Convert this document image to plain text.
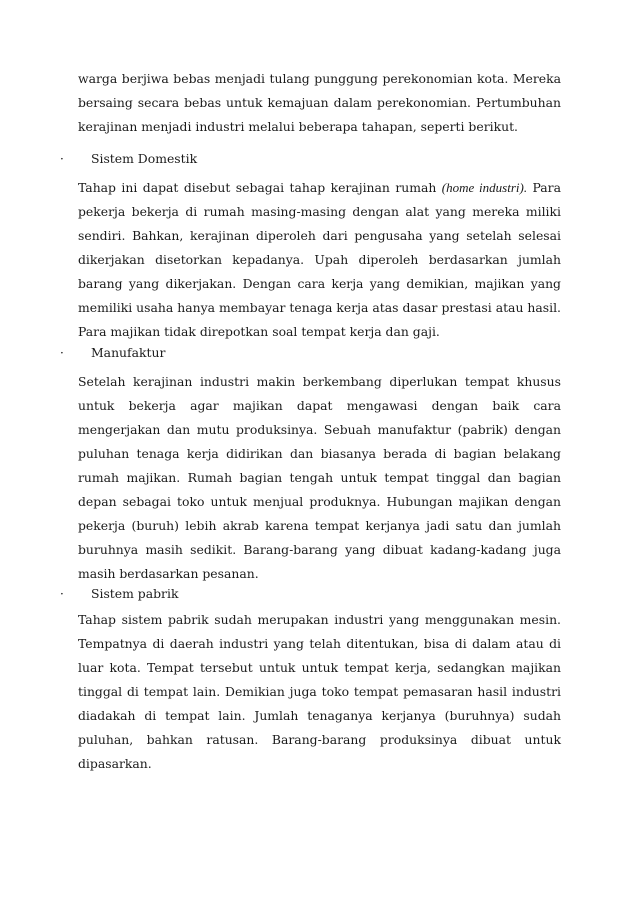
warga berjiwa bebas menjadi tulang punggung perekonomian kota. Mereka bersaing secara bebas untuk kemajuan dalam perekonomian. Pertumbuhan kerajinan menjadi industri melalui beberapa tahapan, seperti berikut.

· Sistem Domestik

Tahap ini dapat disebut sebagai tahap kerajinan rumah (home industri). Para pekerja bekerja di rumah masing-masing dengan alat yang mereka miliki sendiri. Bahkan, kerajinan diperoleh dari pengusaha yang setelah selesai dikerjakan disetorkan kepadanya. Upah diperoleh berdasarkan jumlah barang yang dikerjakan. Dengan cara kerja yang demikian, majikan yang memiliki usaha hanya membayar tenaga kerja atas dasar prestasi atau hasil. Para majikan tidak direpotkan soal tempat kerja dan gaji.

· Manufaktur

Setelah kerajinan industri makin berkembang diperlukan tempat khusus untuk bekerja agar majikan dapat mengawasi dengan baik cara mengerjakan dan mutu produksinya. Sebuah manufaktur (pabrik) dengan puluhan tenaga kerja didirikan dan biasanya berada di bagian belakang rumah majikan. Rumah bagian tengah untuk tempat tinggal dan bagian depan sebagai toko untuk menjual produknya. Hubungan majikan dengan pekerja (buruh) lebih akrab karena tempat kerjanya jadi satu dan jumlah buruhnya masih sedikit. Barang-barang yang dibuat kadang-kadang juga masih berdasarkan pesanan.

· Sistem pabrik

Tahap sistem pabrik sudah merupakan industri yang menggunakan mesin. Tempatnya di daerah industri yang telah ditentukan, bisa di dalam atau di luar kota. Tempat tersebut untuk untuk tempat kerja, sedangkan majikan tinggal di tempat lain. Demikian juga toko tempat pemasaran hasil industri diadakah di tempat lain. Jumlah tenaganya kerjanya (buruhnya) sudah puluhan, bahkan ratusan. Barang-barang produksinya dibuat untuk dipasarkan.
